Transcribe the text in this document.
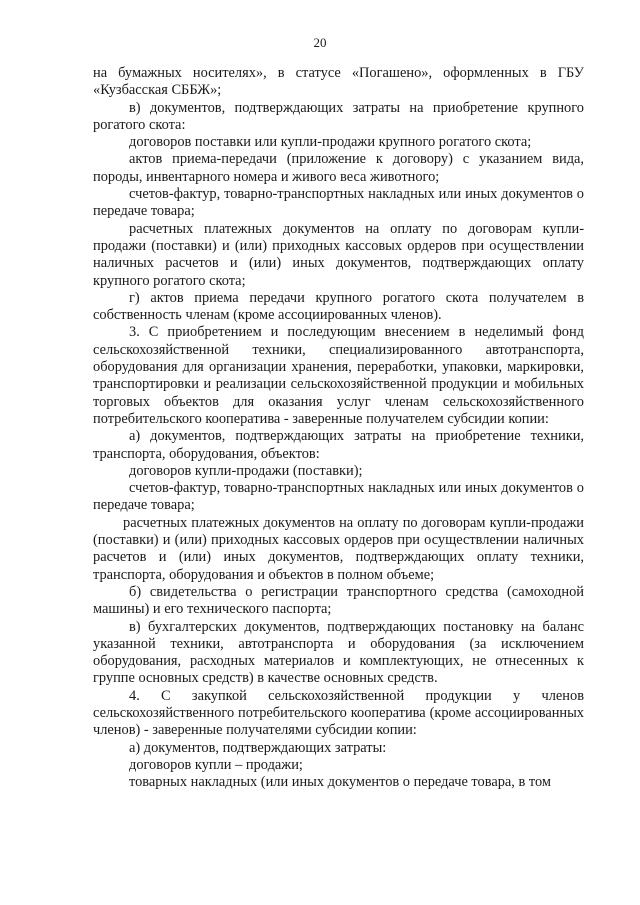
20

на бумажных носителях», в статусе «Погашено», оформленных в ГБУ «Кузбасская СББЖ»;

в) документов, подтверждающих затраты на приобретение крупного рогатого скота:

договоров поставки или купли-продажи крупного рогатого скота;

актов приема-передачи (приложение к договору) с указанием вида, породы, инвентарного номера и живого веса животного;

счетов-фактур, товарно-транспортных накладных или иных документов о передаче товара;

расчетных платежных документов на оплату по договорам купли-продажи (поставки) и (или) приходных кассовых ордеров при осуществлении наличных расчетов и (или) иных документов, подтверждающих оплату крупного рогатого скота;

г) актов приема передачи крупного рогатого скота получателем в собственность членам (кроме ассоциированных членов).

3. С приобретением и последующим внесением в неделимый фонд сельскохозяйственной техники, специализированного автотранспорта, оборудования для организации хранения, переработки, упаковки, маркировки, транспортировки и реализации сельскохозяйственной продукции и мобильных торговых объектов для оказания услуг членам сельскохозяйственного потребительского кооператива - заверенные получателем субсидии копии:

а) документов, подтверждающих затраты на приобретение техники, транспорта, оборудования, объектов:

договоров купли-продажи (поставки);

счетов-фактур, товарно-транспортных накладных или иных документов о передаче товара;

расчетных платежных документов на оплату по договорам купли-продажи (поставки) и (или) приходных кассовых ордеров при осуществлении наличных расчетов и (или) иных документов, подтверждающих оплату техники, транспорта, оборудования и объектов в полном объеме;

б) свидетельства о регистрации транспортного средства (самоходной машины) и его технического паспорта;

в) бухгалтерских документов, подтверждающих постановку на баланс указанной техники, автотранспорта и оборудования (за исключением оборудования, расходных материалов и комплектующих, не отнесенных к группе основных средств) в качестве основных средств.

4. С закупкой сельскохозяйственной продукции у членов сельскохозяйственного потребительского кооператива (кроме ассоциированных членов) - заверенные получателями субсидии копии:

а) документов, подтверждающих затраты:

договоров купли – продажи;

товарных накладных (или иных документов о передаче товара, в том
